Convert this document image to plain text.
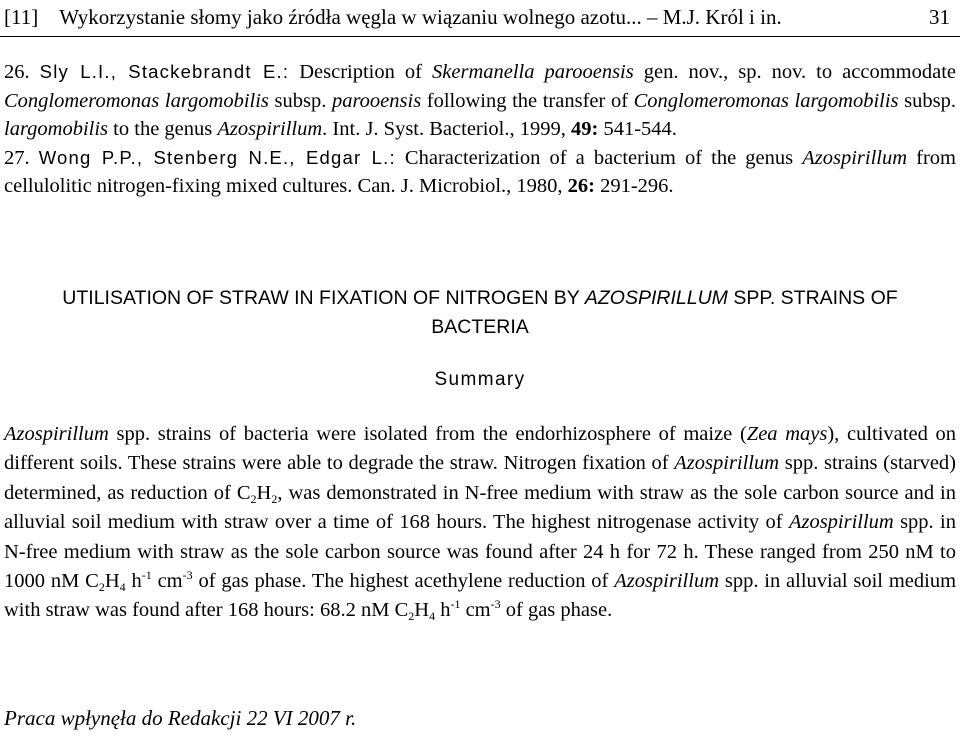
[11] Wykorzystanie słomy jako źródła węgla w wiązaniu wolnego azotu... – M.J. Król i in.	31
26. Sly L.I., Stackebrandt E.: Description of Skermanella parooensis gen. nov., sp. nov. to accommodate Conglomeromonas largomobilis subsp. parooensis following the transfer of Conglomeromonas largomobilis subsp. largomobilis to the genus Azospirillum. Int. J. Syst. Bacteriol., 1999, 49: 541-544.
27. Wong P.P., Stenberg N.E., Edgar L.: Characterization of a bacterium of the genus Azospirillum from cellulolitic nitrogen-fixing mixed cultures. Can. J. Microbiol., 1980, 26: 291-296.
UTILISATION OF STRAW IN FIXATION OF NITROGEN BY AZOSPIRILLUM SPP. STRAINS OF BACTERIA
Summary
Azospirillum spp. strains of bacteria were isolated from the endorhizosphere of maize (Zea mays), cultivated on different soils. These strains were able to degrade the straw. Nitrogen fixation of Azospirillum spp. strains (starved) determined, as reduction of $C_2H_2$, was demonstrated in N-free medium with straw as the sole carbon source and in alluvial soil medium with straw over a time of 168 hours. The highest nitrogenase activity of Azospirillum spp. in N-free medium with straw as the sole carbon source was found after 24 h for 72 h. These ranged from 250 nM to 1000 nM $C_2H_4$ $h^{-1}$ $cm^{-3}$ of gas phase. The highest acethylene reduction of Azospirillum spp. in alluvial soil medium with straw was found after 168 hours: 68.2 nM $C_2H_4$ $h^{-1}$ $cm^{-3}$ of gas phase.
Praca wpłynęła do Redakcji 22 VI 2007 r.
